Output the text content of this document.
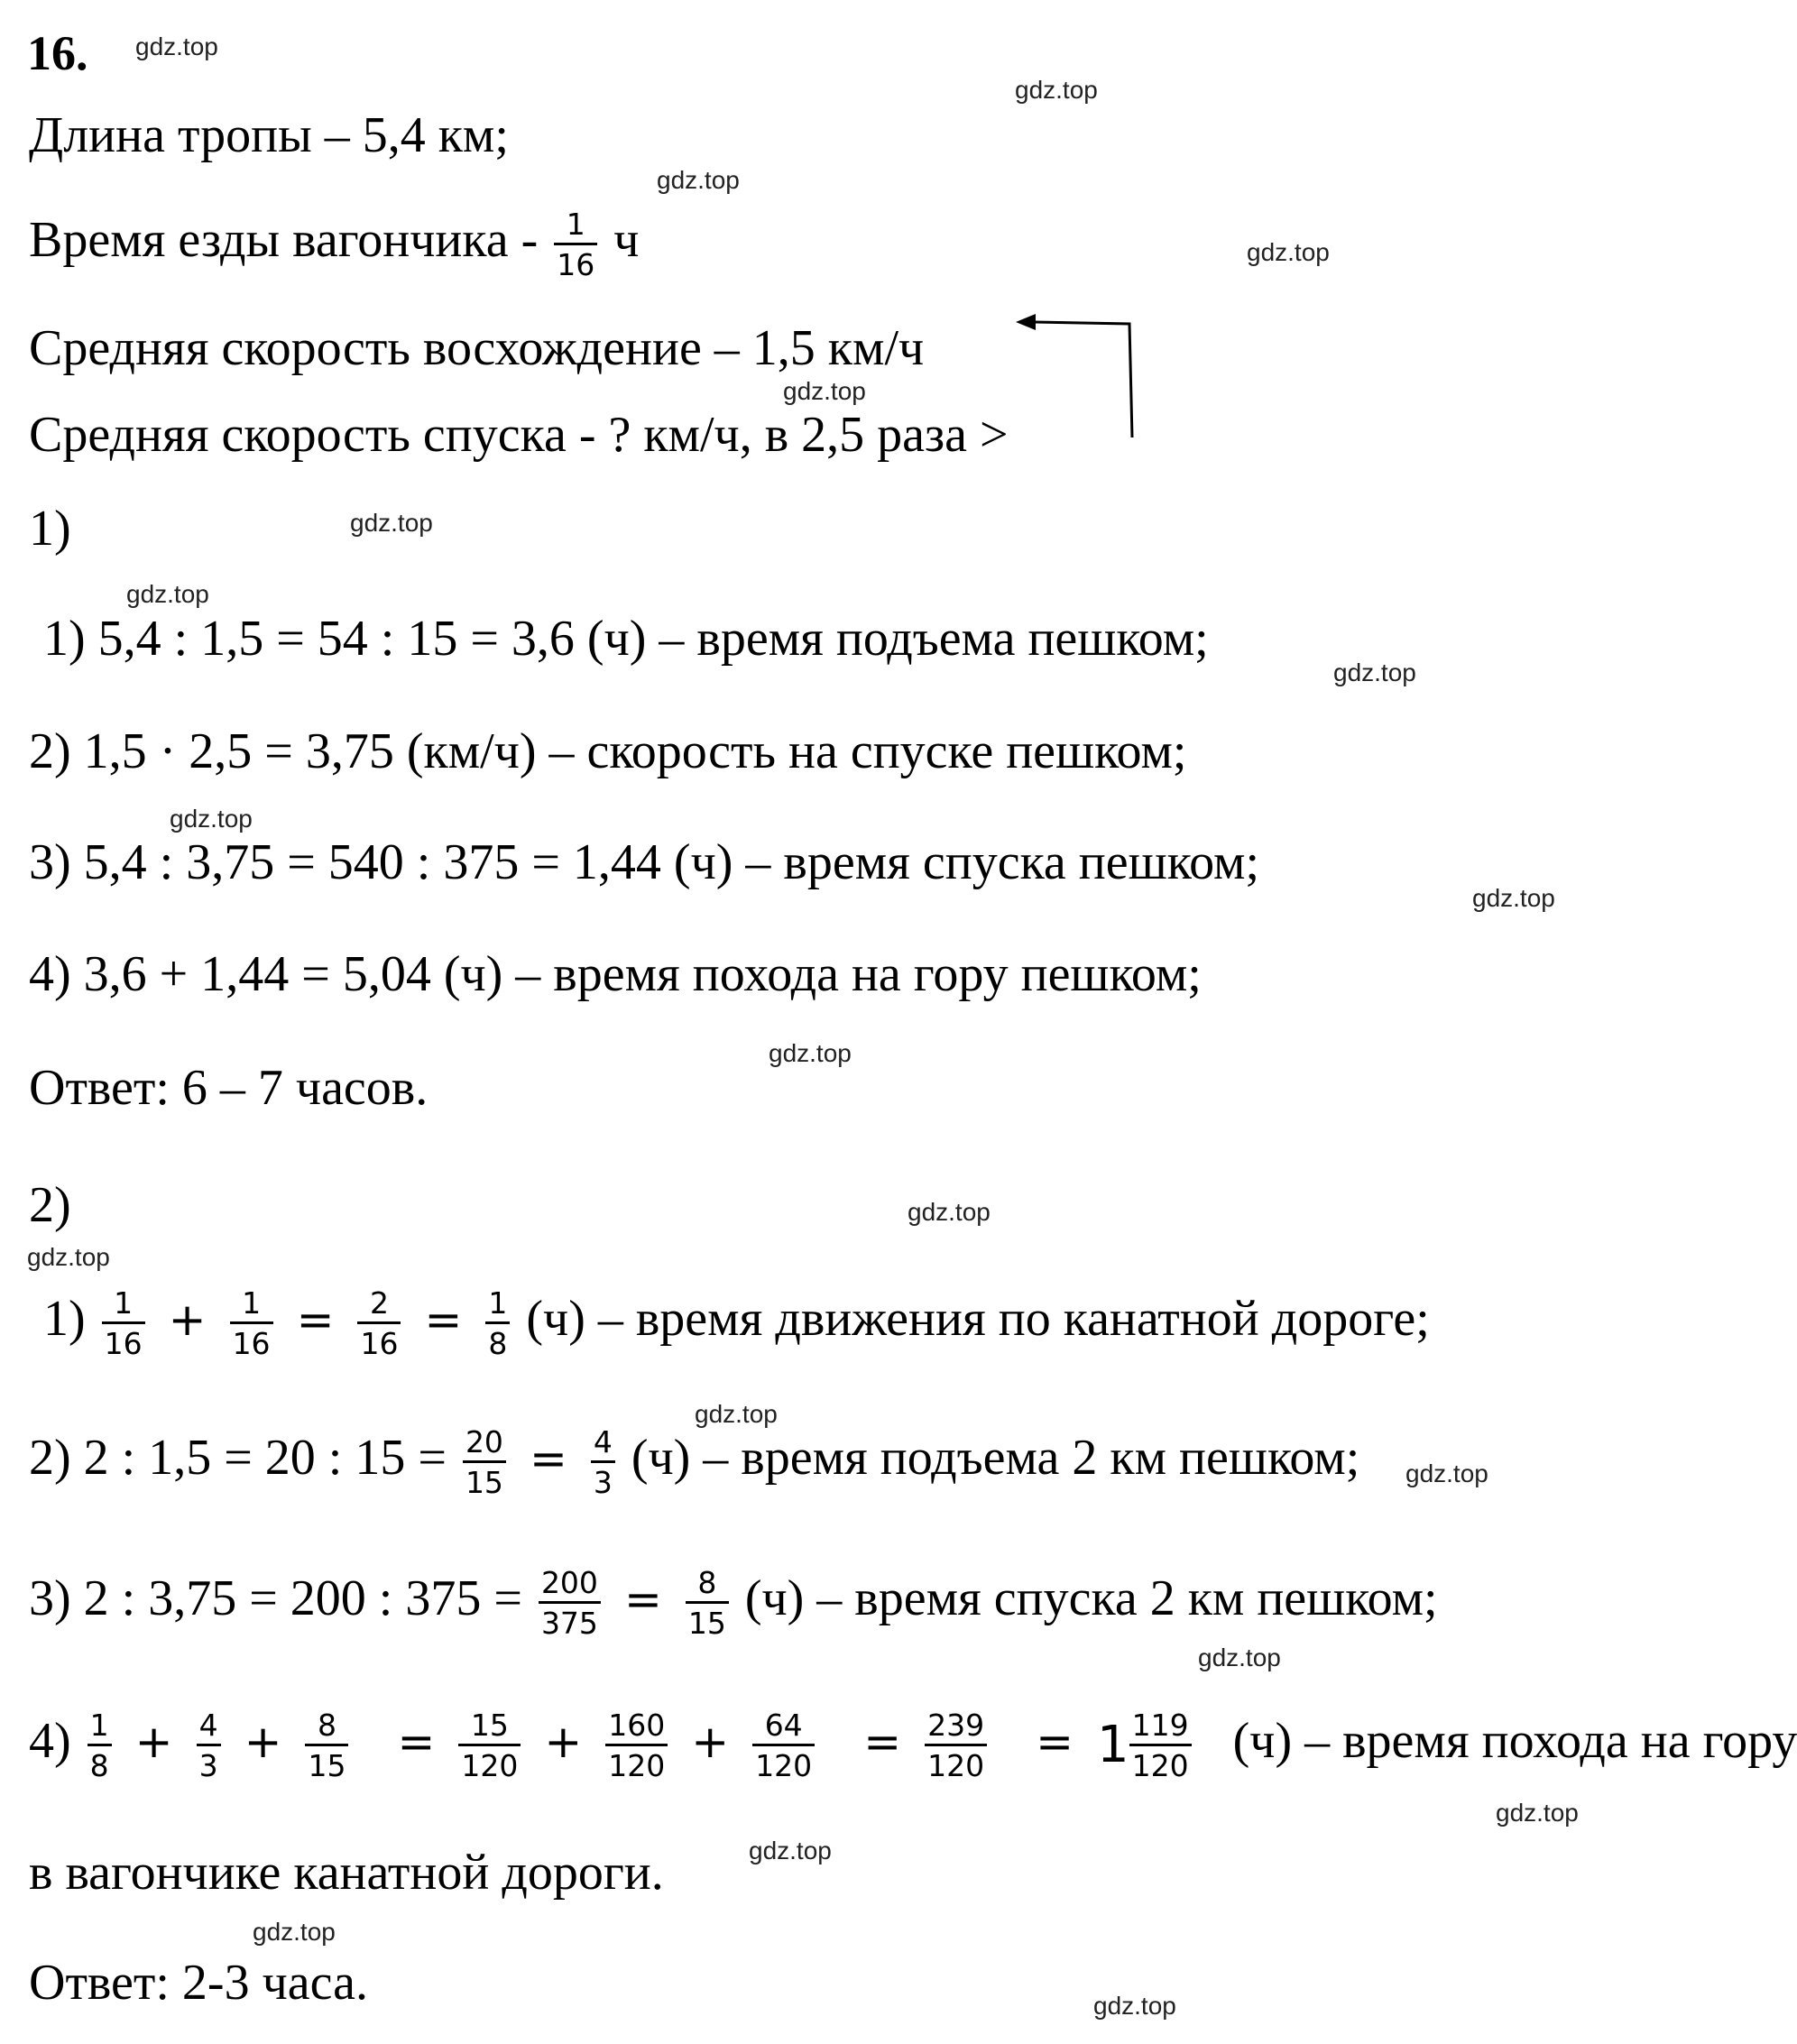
16. gdz.top
gdz.top
gdz.top
gdz.top
gdz.top
gdz.top
gdz.top
gdz.top
gdz.top
gdz.top
gdz.top
gdz.top
gdz.top
gdz.top
gdz.top
gdz.top
gdz.top
gdz.top
gdz.top
gdz.top
Длина тропы – 5,4 км;
Время езды вагончика - $\frac{1}{16}$ ч
Средняя скорость восхождение – 1,5 км/ч
Средняя скорость спуска - ? км/ч, в 2,5 раза >
1)
1) 5,4 : 1,5 = 54 : 15 = 3,6 (ч) – время подъема пешком;
2) 1,5 · 2,5 = 3,75 (км/ч) – скорость на спуске пешком;
3) 5,4 : 3,75 = 540 : 375 = 1,44 (ч) – время спуска пешком;
4) 3,6 + 1,44 = 5,04 (ч) – время похода на гору пешком;
Ответ: 6 – 7 часов.
2)
$1) \frac{1}{16} + \frac{1}{16} = \frac{2}{16} = \frac{1}{8} (ч)$ – время движения по канатной дороге;
2) 2 : 1,5 = 20 : $15 = \frac{20}{15} = \frac{4}{3} (ч)$ – время подъема 2 км пешком;
3) 2 : 3,75 = 200 : $375 = \frac{200}{375} = \frac{8}{15} (ч)$ – время спуска 2 км пешком;
$4) \frac{1}{8} + \frac{4}{3} + \frac{8}{15} = \frac{15}{120} + \frac{160}{120} + \frac{64}{120} = \frac{239}{120} = 1 \frac{119}{120} (ч)$ – время похода на гору
в вагончике канатной дороги.
Ответ: 2-3 часа.
